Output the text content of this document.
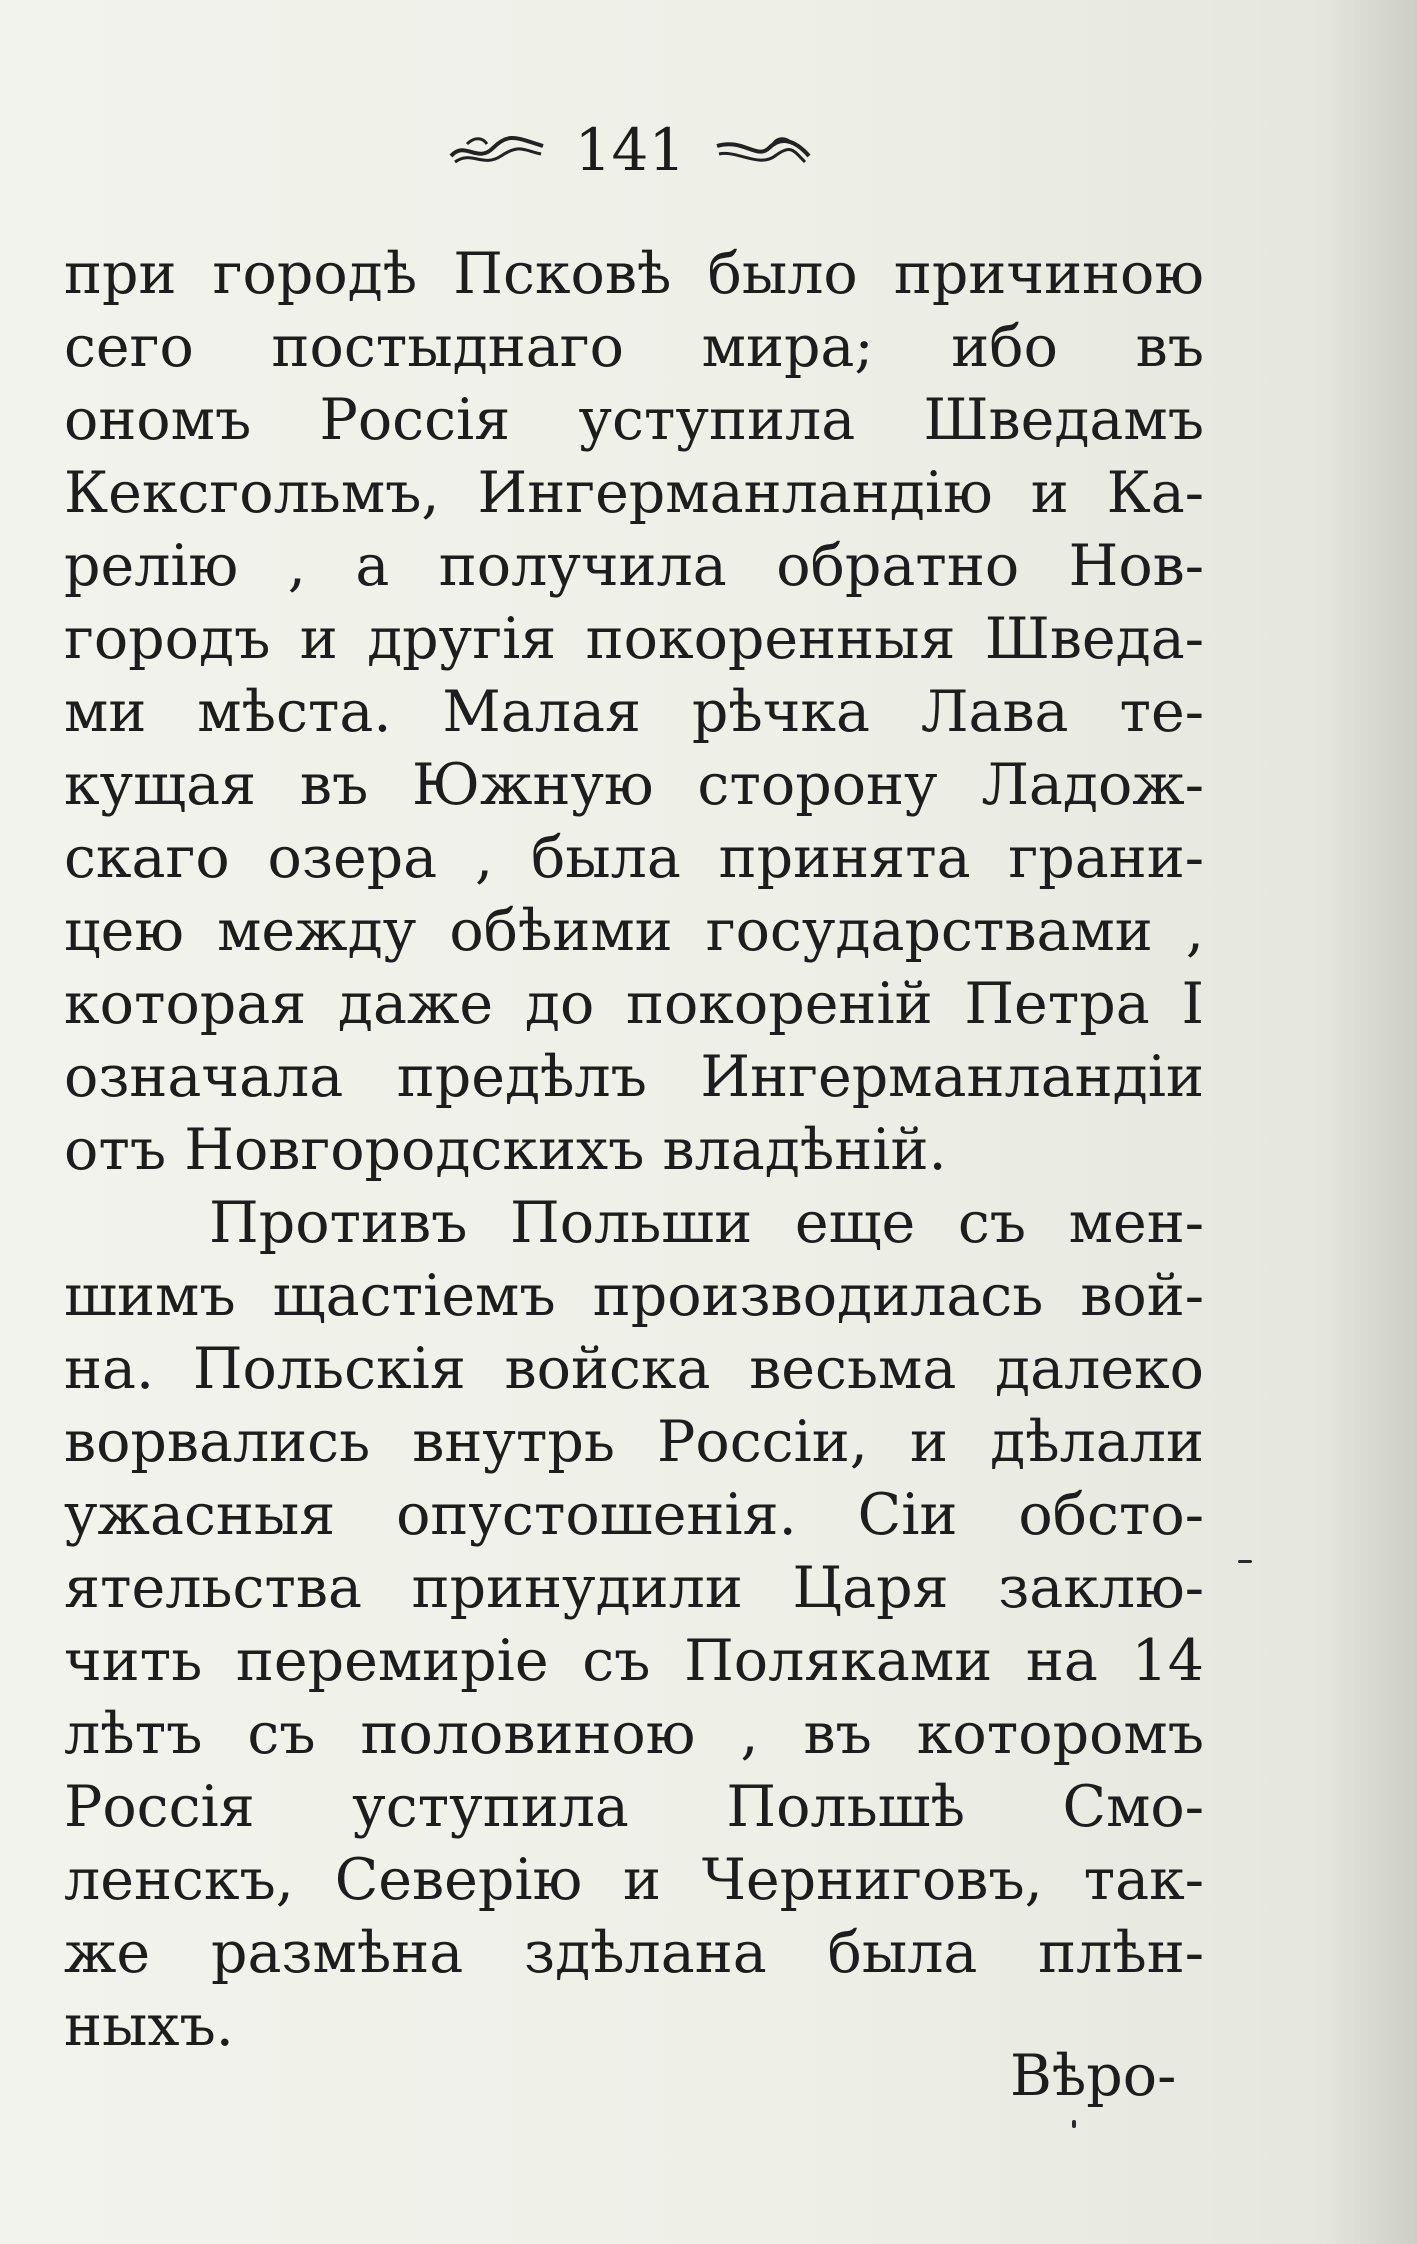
141
при городѣ Псковѣ было причиною
сего постыднаго мира; ибо въ
ономъ Россія уступила Шведамъ
Кексгольмъ, Ингерманландію и Ка-
релію , а получила обратно Нов-
городъ и другія покоренныя Шведа-
ми мѣста. Малая рѣчка Лава те-
кущая въ Южную сторону Ладож-
скаго озера , была принята грани-
цею между обѣими государствами ,
которая даже до покореній Петра I
означала предѣлъ Ингерманландіи
отъ Новгородскихъ владѣній.
Противъ Польши еще съ мен-
шимъ щастіемъ производилась вой-
на. Польскія войска весьма далеко
ворвались внутрь Россіи, и дѣлали
ужасныя опустошенія. Сіи обсто-
ятельства принудили Царя заклю-
чить перемиріе съ Поляками на 14
лѣтъ съ половиною , въ которомъ
Россія уступила Польшѣ Смо-
ленскъ, Северію и Черниговъ, так-
же размѣна здѣлана была плѣн-
ныхъ.
Вѣро-
